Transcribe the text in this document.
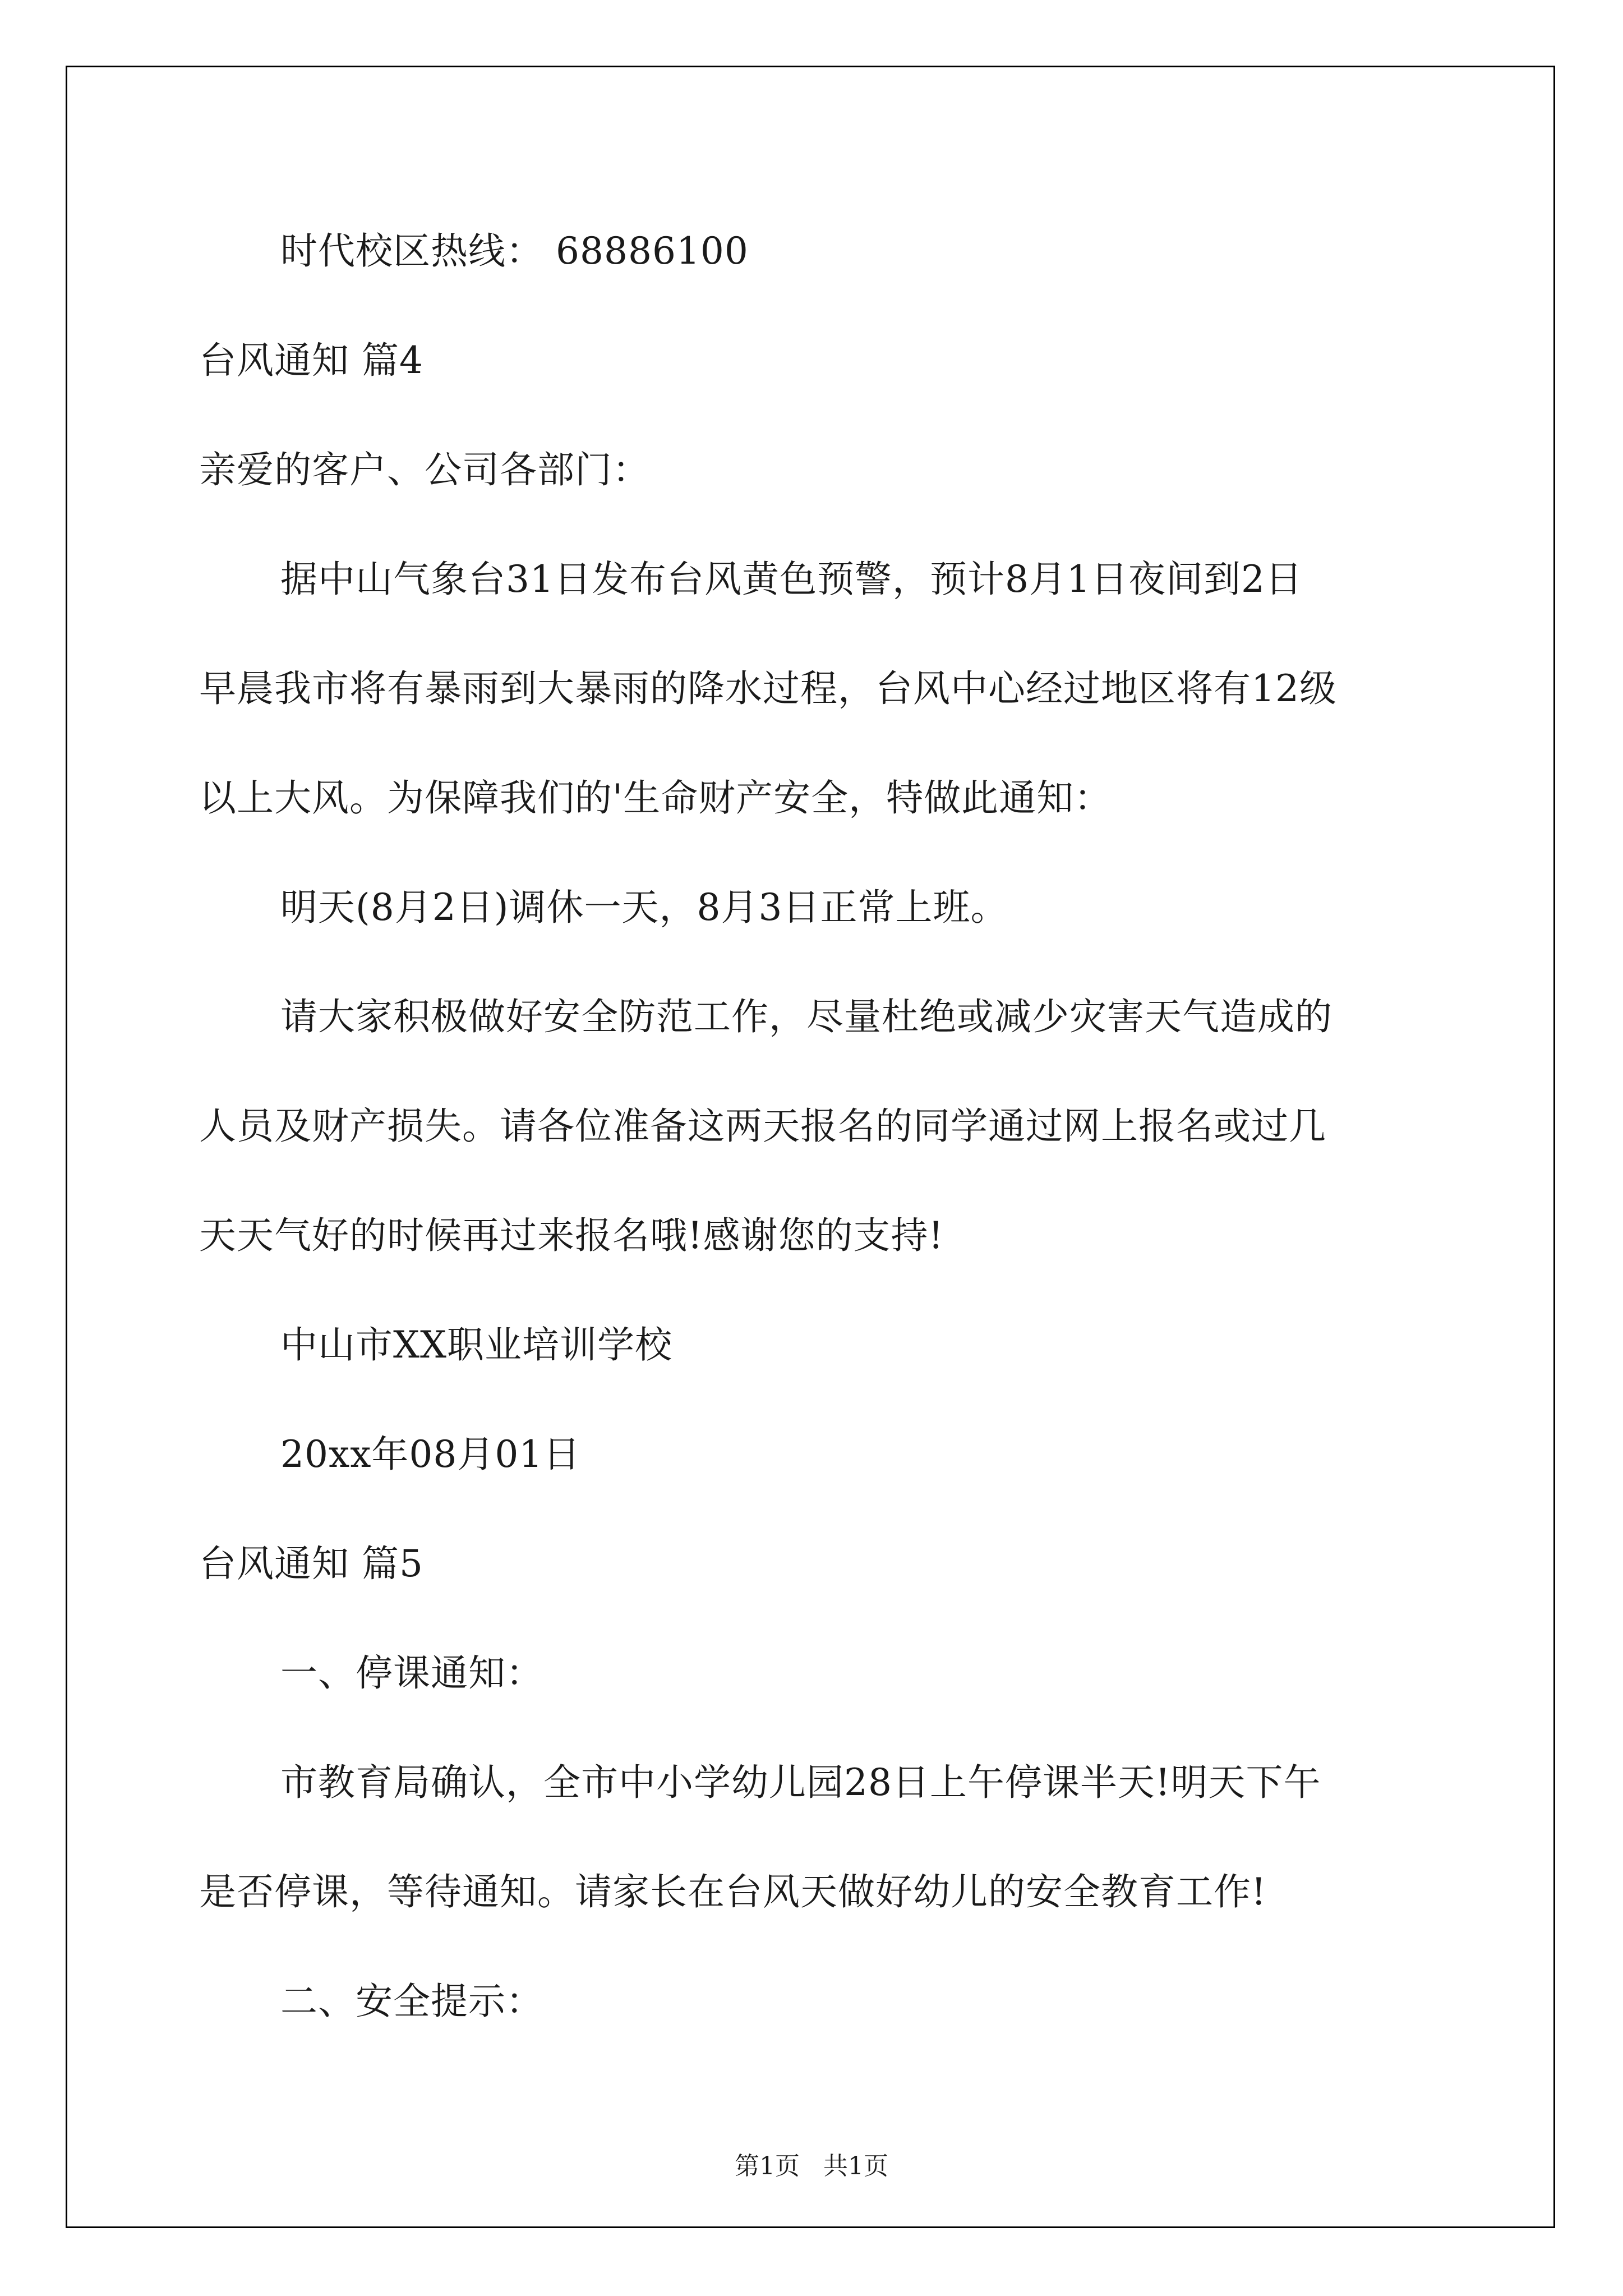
时代校区热线： 68886100
台风通知 篇4
亲爱的客户、公司各部门：
据中山气象台31日发布台风黄色预警，预计8月1日夜间到2日
早晨我市将有暴雨到大暴雨的降水过程，台风中心经过地区将有12级
以上大风。为保障我们的'生命财产安全，特做此通知：
明天(8月2日)调休一天，8月3日正常上班。
请大家积极做好安全防范工作，尽量杜绝或减少灾害天气造成的
人员及财产损失。请各位准备这两天报名的同学通过网上报名或过几
天天气好的时候再过来报名哦!感谢您的支持!
中山市XX职业培训学校
20xx年08月01日
台风通知 篇5
一、停课通知：
市教育局确认，全市中小学幼儿园28日上午停课半天!明天下午
是否停课，等待通知。请家长在台风天做好幼儿的安全教育工作!
二、安全提示：
第1页   共1页
